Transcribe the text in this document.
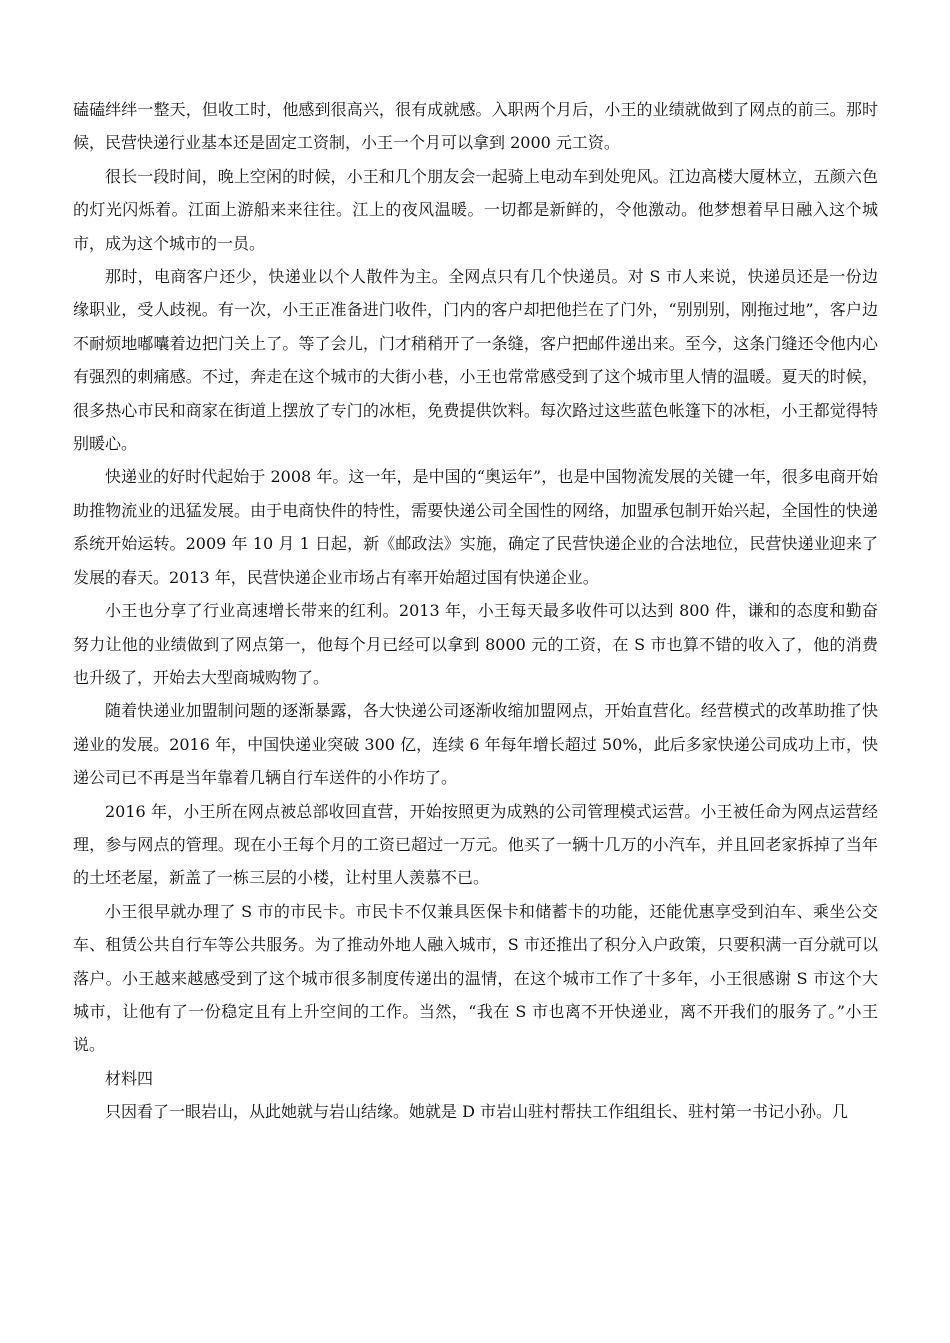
磕磕绊绊一整天，但收工时，他感到很高兴，很有成就感。入职两个月后，小王的业绩就做到了网点的前三。那时候，民营快递行业基本还是固定工资制，小王一个月可以拿到 2000 元工资。

很长一段时间，晚上空闲的时候，小王和几个朋友会一起骑上电动车到处兜风。江边高楼大厦林立，五颜六色的灯光闪烁着。江面上游船来来往往。江上的夜风温暖。一切都是新鲜的，令他激动。他梦想着早日融入这个城市，成为这个城市的一员。

那时，电商客户还少，快递业以个人散件为主。全网点只有几个快递员。对 S 市人来说，快递员还是一份边缘职业，受人歧视。有一次，小王正准备进门收件，门内的客户却把他拦在了门外，“别别别，刚拖过地”，客户边不耐烦地嘟囔着边把门关上了。等了会儿，门才稍稍开了一条缝，客户把邮件递出来。至今，这条门缝还令他内心有强烈的刺痛感。不过，奔走在这个城市的大街小巷，小王也常常感受到了这个城市里人情的温暖。夏天的时候，很多热心市民和商家在街道上摆放了专门的冰柜，免费提供饮料。每次路过这些蓝色帐篷下的冰柜，小王都觉得特别暖心。

快递业的好时代起始于 2008 年。这一年，是中国的“奥运年”，也是中国物流发展的关键一年，很多电商开始助推物流业的迅猛发展。由于电商快件的特性，需要快递公司全国性的网络，加盟承包制开始兴起，全国性的快递系统开始运转。2009 年 10 月 1 日起，新《邮政法》实施，确定了民营快递企业的合法地位，民营快递业迎来了发展的春天。2013 年，民营快递企业市场占有率开始超过国有快递企业。

小王也分享了行业高速增长带来的红利。2013 年，小王每天最多收件可以达到 800 件，谦和的态度和勤奋努力让他的业绩做到了网点第一，他每个月已经可以拿到 8000 元的工资，在 S 市也算不错的收入了，他的消费也升级了，开始去大型商城购物了。

随着快递业加盟制问题的逐渐暴露，各大快递公司逐渐收缩加盟网点，开始直营化。经营模式的改革助推了快递业的发展。2016 年，中国快递业突破 300 亿，连续 6 年每年增长超过 50%，此后多家快递公司成功上市，快递公司已不再是当年靠着几辆自行车送件的小作坊了。

2016 年，小王所在网点被总部收回直营，开始按照更为成熟的公司管理模式运营。小王被任命为网点运营经理，参与网点的管理。现在小王每个月的工资已超过一万元。他买了一辆十几万的小汽车，并且回老家拆掉了当年的土坯老屋，新盖了一栋三层的小楼，让村里人羡慕不已。

小王很早就办理了 S 市的市民卡。市民卡不仅兼具医保卡和储蓄卡的功能，还能优惠享受到泊车、乘坐公交车、租赁公共自行车等公共服务。为了推动外地人融入城市，S 市还推出了积分入户政策，只要积满一百分就可以落户。小王越来越感受到了这个城市很多制度传递出的温情，在这个城市工作了十多年，小王很感谢 S 市这个大城市，让他有了一份稳定且有上升空间的工作。当然，“我在 S 市也离不开快递业，离不开我们的服务了。”小王说。

材料四

只因看了一眼岩山，从此她就与岩山结缘。她就是 D 市岩山驻村帮扶工作组组长、驻村第一书记小孙。几
